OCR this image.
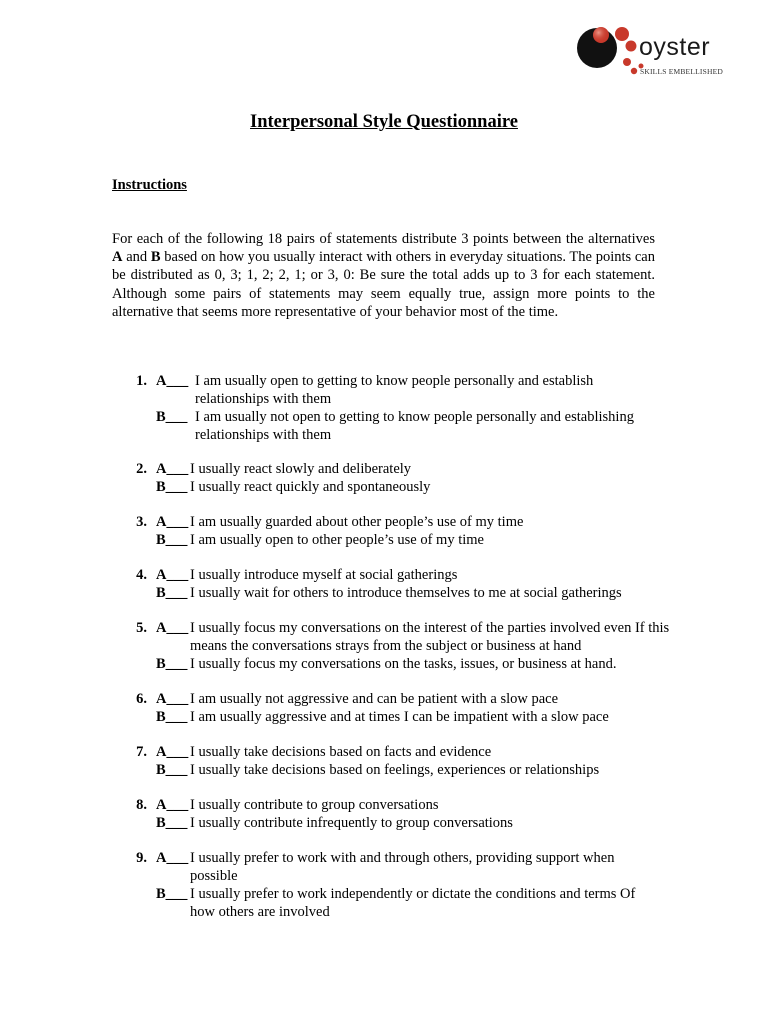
oyster
SKILLS EMBELLISHED
Interpersonal Style Questionnaire
Instructions
For each of the following 18 pairs of statements distribute 3 points between the alternatives A and B based on how you usually interact with others in everyday situations. The points can be distributed as 0, 3; 1, 2; 2, 1; or 3, 0: Be sure the total adds up to 3 for each statement. Although some pairs of statements may seem equally true, assign more points to the alternative that seems more representative of your behavior most of the time.
1. A___ I am usually open to getting to know people personally and establish relationships with them
B___ I am usually not open to getting to know people personally and establishing relationships with them
2. A___ I usually react slowly and deliberately
B___ I usually react quickly and spontaneously
3. A___ I am usually guarded about other people’s use of my time
B___ I am usually open to other people’s use of my time
4. A___ I usually introduce myself at social gatherings
B___ I usually wait for others to introduce themselves to me at social gatherings
5. A___ I usually focus my conversations on the interest of the parties involved even If this means the conversations strays from the subject or business at hand
B___ I usually focus my conversations on the tasks, issues, or business at hand.
6. A___ I am usually not aggressive and can be patient with a slow pace
B___ I am usually aggressive and at times I can be impatient with a slow pace
7. A___ I usually take decisions based on facts and evidence
B___ I usually take decisions based on feelings, experiences or relationships
8. A___ I usually contribute to group conversations
B___ I usually contribute infrequently to group conversations
9. A___ I usually prefer to work with and through others, providing support when possible
B___ I usually prefer to work independently or dictate the conditions and terms Of how others are involved
